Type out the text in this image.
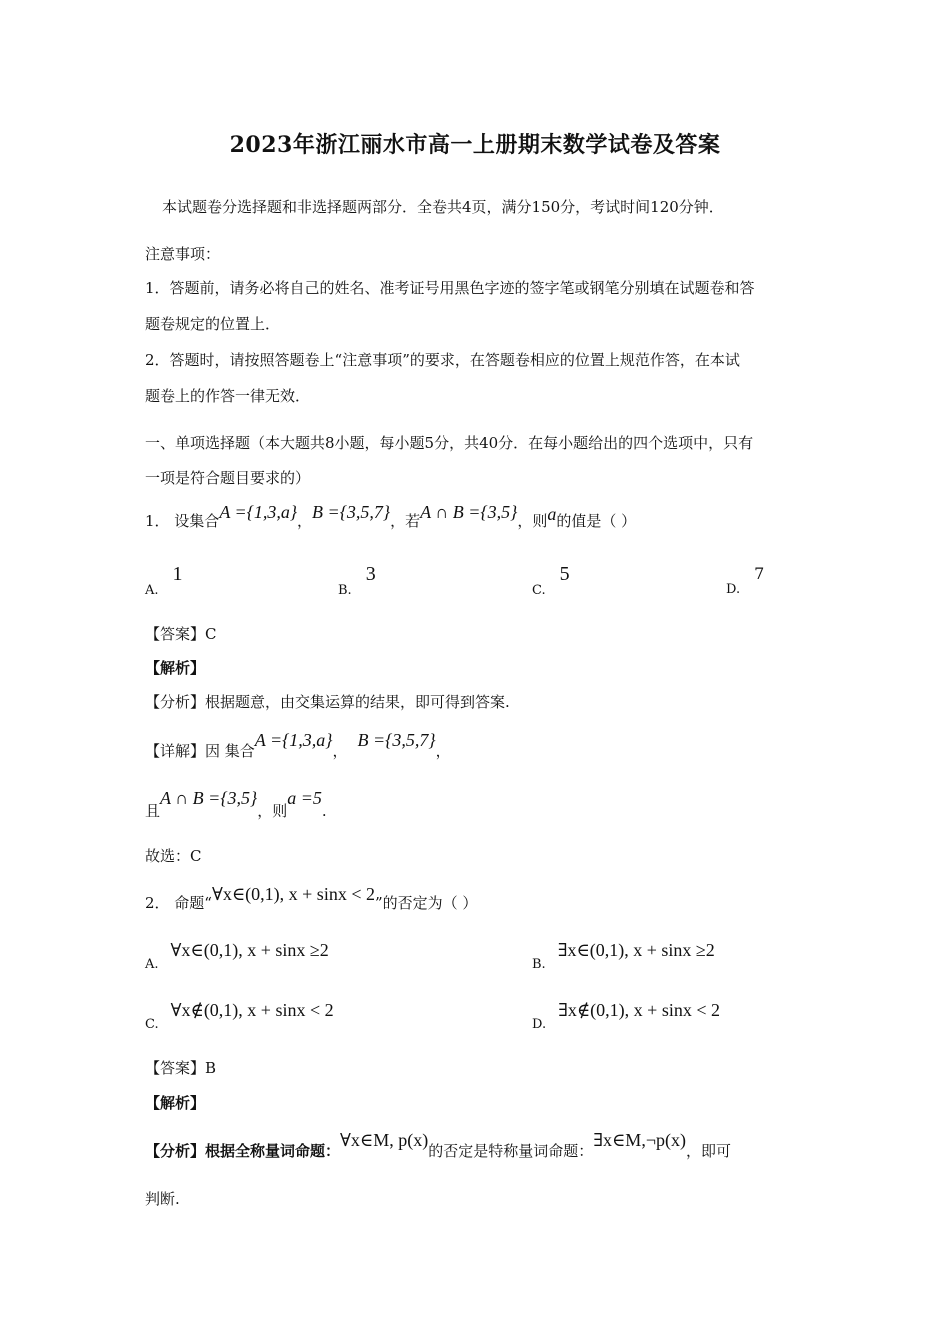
2023年浙江丽水市高一上册期末数学试卷及答案
本试题卷分选择题和非选择题两部分．全卷共4页，满分150分，考试时间120分钟．
注意事项：
1．答题前，请务必将自己的姓名、准考证号用黑色字迹的签字笔或钢笔分别填在试题卷和答
题卷规定的位置上．
2．答题时，请按照答题卷上“注意事项”的要求，在答题卷相应的位置上规范作答，在本试
题卷上的作答一律无效．
一、单项选择题（本大题共8小题，每小题5分，共40分．在每小题给出的四个选项中，只有
一项是符合题目要求的）
1． 设集合A ={1,3,a}，B ={3,5,7}，若A ∩ B ={3,5}，则a的值是（ ）
A.1
B.3
C.5
D.7
【答案】C
【解析】
【分析】根据题意，由交集运算的结果，即可得到答案.
【详解】因 集合A ={1,3,a}，B ={3,5,7}，
且A ∩ B ={3,5}，则a =5.
故选：C
2． 命题“∀x∈(0,1), x + sinx < 2”的否定为（ ）
A.∀x∈(0,1), x + sinx ≥2
B.∃x∈(0,1), x + sinx ≥2
C.∀x∉(0,1), x + sinx < 2
D.∃x∉(0,1), x + sinx < 2
【答案】B
【解析】
【分析】根据全称量词命题：∀x∈M, p(x)的否定是特称量词命题：∃x∈M,¬p(x)，即可
判断.
